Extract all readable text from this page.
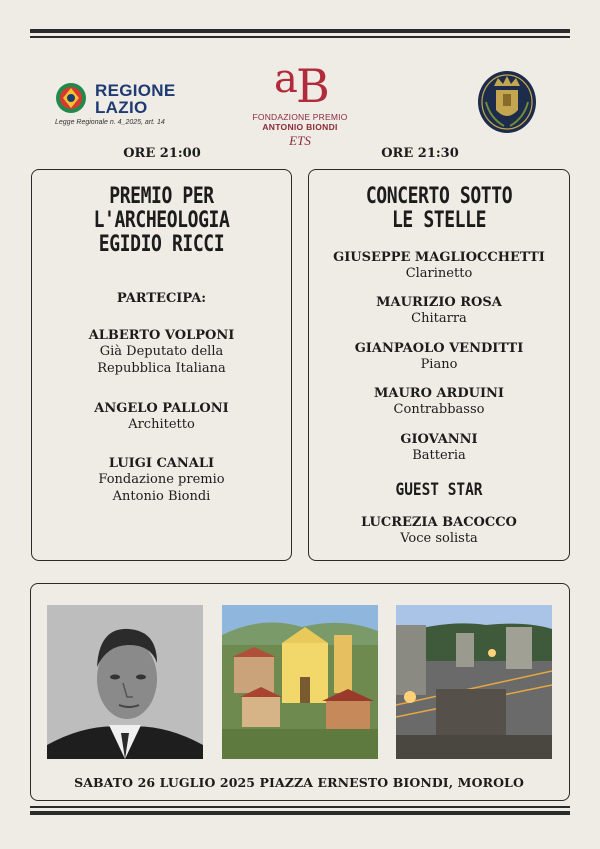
REGIONE
LAZIO
Legge Regionale n. 4_2025, art. 14
a
B
FONDAZIONE PREMIO
ANTONIO BIONDI
ETS
ORE 21:00	ORE 21:30
PREMIO PER
L'ARCHEOLOGIA
EGIDIO RICCI
PARTECIPA:
ALBERTO VOLPONI
Già Deputato della
Repubblica Italiana
ANGELO PALLONI
Architetto
LUIGI CANALI
Fondazione premio
Antonio Biondi
CONCERTO SOTTO
LE STELLE
GIUSEPPE MAGLIOCCHETTI
Clarinetto
MAURIZIO ROSA
Chitarra
GIANPAOLO VENDITTI
Piano
MAURO ARDUINI
Contrabbasso
GIOVANNI
Batteria
GUEST STAR
LUCREZIA BACOCCO
Voce solista
SABATO 26 LUGLIO 2025 PIAZZA ERNESTO BIONDI, MOROLO
